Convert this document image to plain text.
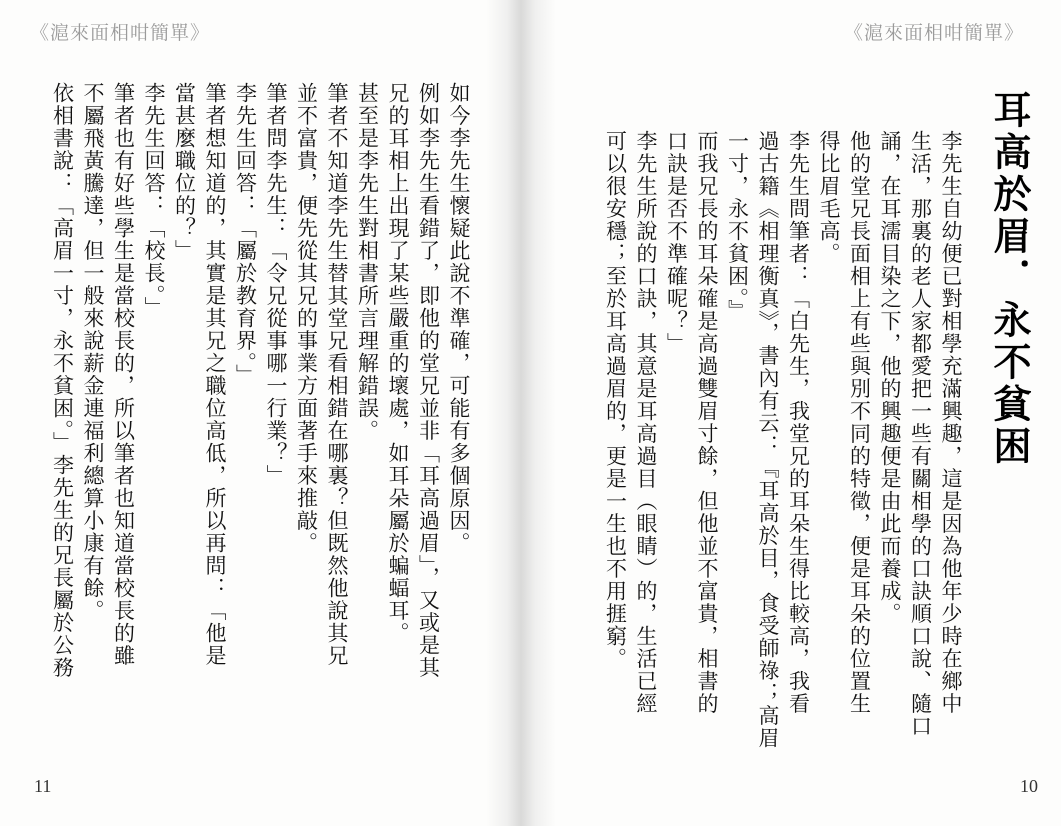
《滬來面相咁簡單》
如今李先生懷疑此說不準確，可能有多個原因。
例如李先生看錯了，即他的堂兄並非「耳高過眉」，又或是其
兄的耳相上出現了某些嚴重的壞處，如耳朵屬於蝙蝠耳。
甚至是李先生對相書所言理解錯誤。
筆者不知道李先生替其堂兄看相錯在哪裏？但既然他說其兄
並不富貴，便先從其兄的事業方面著手來推敲。
筆者問李先生：「令兄從事哪一行業？」
李先生回答：「屬於教育界。」
筆者想知道的，其實是其兄之職位高低，所以再問：「他是
當甚麼職位的？」
李先生回答：「校長。」
筆者也有好些學生是當校長的，所以筆者也知道當校長的雖
不屬飛黃騰達，但一般來說薪金連福利總算小康有餘。
依相書說：「高眉一寸，永不貧困。」李先生的兄長屬於公務
11
《滬來面相咁簡單》
耳高於眉．永不貧困
李先生自幼便已對相學充滿興趣，這是因為他年少時在鄉中
生活，那裏的老人家都愛把一些有關相學的口訣順口說、隨口
誦，在耳濡目染之下，他的興趣便是由此而養成。
他的堂兄長面相上有些與別不同的特徵，便是耳朵的位置生
得比眉毛高。
李先生問筆者：「白先生，我堂兄的耳朵生得比較高，我看
過古籍《相理衡真》，書內有云：『耳高於目，食受師祿；高眉
一寸，永不貧困。』
而我兄長的耳朵確是高過雙眉寸餘，但他並不富貴，相書的
口訣是否不準確呢？」
李先生所說的口訣，其意是耳高過目（眼睛）的，生活已經
可以很安穩；至於耳高過眉的，更是一生也不用捱窮。
10
